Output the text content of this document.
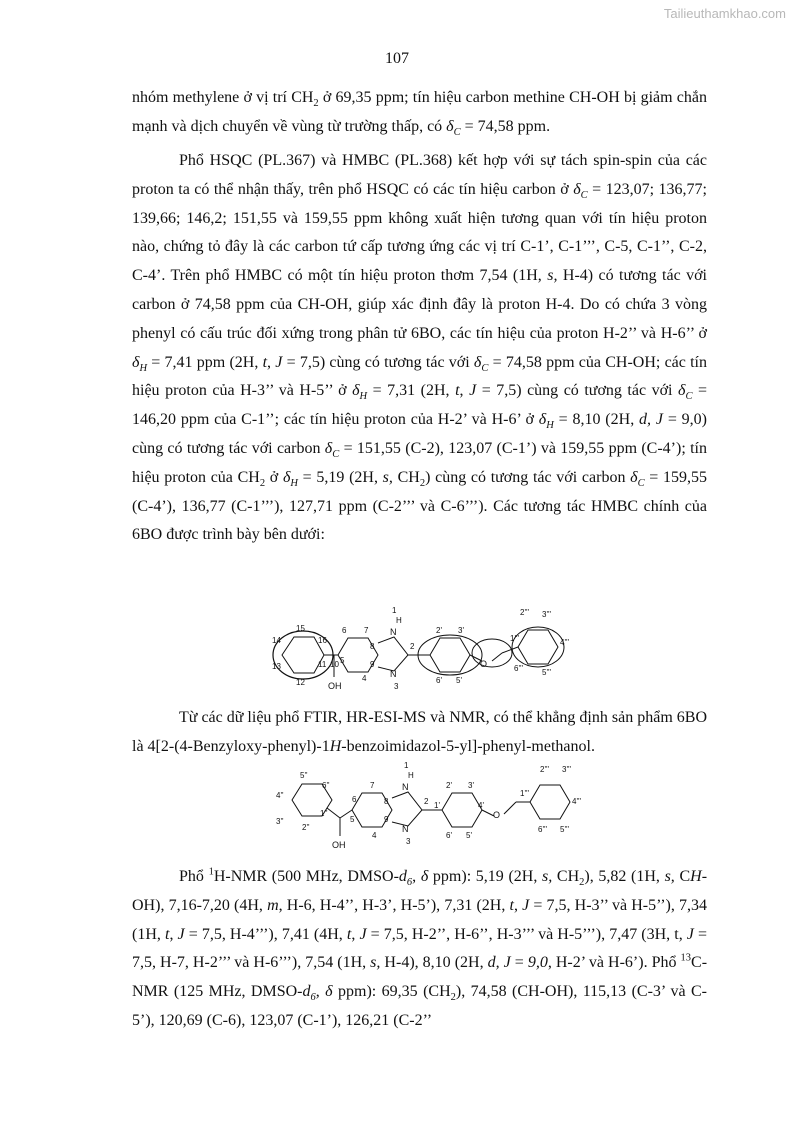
Tailieuthamkhao.com
107

nhóm methylene ở vị trí $CH_2$ ở 69,35 ppm; tín hiệu carbon methine CH-OH bị giảm chắn mạnh và dịch chuyển về vùng từ trường thấp, có $\delta_C = 74,58$ ppm.

Phổ HSQC (PL.367) và HMBC (PL.368) kết hợp với sự tách spin-spin của các proton ta có thể nhận thấy, trên phổ HSQC có các tín hiệu carbon ở $\delta_C = 123,07$; 136,77; 139,66; 146,2; 151,55 và 159,55 ppm không xuất hiện tương quan với tín hiệu proton nào, chứng tỏ đây là các carbon tứ cấp tương ứng các vị trí C-1’, C-1’’’, C-5, C-1’’, C-2, C-4’. Trên phổ HMBC có một tín hiệu proton thơm 7,54 (1H, s, H-4) có tương tác với carbon ở 74,58 ppm của CH-OH, giúp xác định đây là proton H-4. Do có chứa 3 vòng phenyl có cấu trúc đối xứng trong phân tử 6BO, các tín hiệu của proton H-2’’ và H-6’’ ở $\delta_H = 7,41$ ppm (2H, t, J = 7,5) cùng có tương tác với $\delta_C = 74,58$ ppm của CH-OH; các tín hiệu proton của H-3’’ và H-5’’ ở $\delta_H = 7,31$ (2H, t, J = 7,5) cùng có tương tác với $\delta_C = 146,20$ ppm của C-1’’; các tín hiệu proton của H-2’ và H-6’ ở $\delta_H = 8,10$ (2H, d, J = 9,0) cùng có tương tác với carbon $\delta_C = 151,55$ (C-2), 123,07 (C-1’) và 159,55 ppm (C-4’); tín hiệu proton của $CH_2$ ở $\delta_H = 5,19$ (2H, s, $CH_2$) cùng có tương tác với carbon $\delta_C = 159,55$ (C-4’), 136,77 (C-1’’’), 127,71 ppm (C-2’’’ và C-6’’’). Các tương tác HMBC chính của 6BO được trình bày bên dưới:

1
H
N
N
3
OH
O
15
14	16
13
12
11 10
6 7
8
9
5
4
2
2' 3'
6' 5'
2''' 3'''
4'''
5'''
6'''
1'''

Từ các dữ liệu phổ FTIR, HR-ESI-MS và NMR, có thể khẳng định sản phẩm 6BO là 4[2-(4-Benzyloxy-phenyl)-1H-benzoimidazol-5-yl]-phenyl-methanol.

1
H
N
N
3
OH
O
5''
4''
3''
6''
2''
1''
7
6	8
5	9
4
2
2' 3'
1'	4'
6' 5'
2''' 3'''
1'''
4'''
6''' 5'''

Phổ $^1$H-NMR (500 MHz, DMSO-$d_6$, δ ppm): 5,19 (2H, s, $CH_2$), 5,82 (1H, s, CH-OH), 7,16-7,20 (4H, m, H-6, H-4’’, H-3’, H-5’), 7,31 (2H, t, J = 7,5, H-3’’ và H-5’’), 7,34 (1H, t, J = 7,5, H-4’’’), 7,41 (4H, t, J = 7,5, H-2’’, H-6’’, H-3’’’ và H-5’’’), 7,47 (3H, t, J = 7,5, H-7, H-2’’’ và H-6’’’), 7,54 (1H, s, H-4), 8,10 (2H, d, J = 9,0, H-2’ và H-6’). Phổ $^{13}$C-NMR (125 MHz, DMSO-$d_6$, δ ppm): 69,35 $(CH_2)$, 74,58 (CH-OH), 115,13 (C-3’ và C-5’), 120,69 (C-6), 123,07 (C-1’), 126,21 (C-2’’
